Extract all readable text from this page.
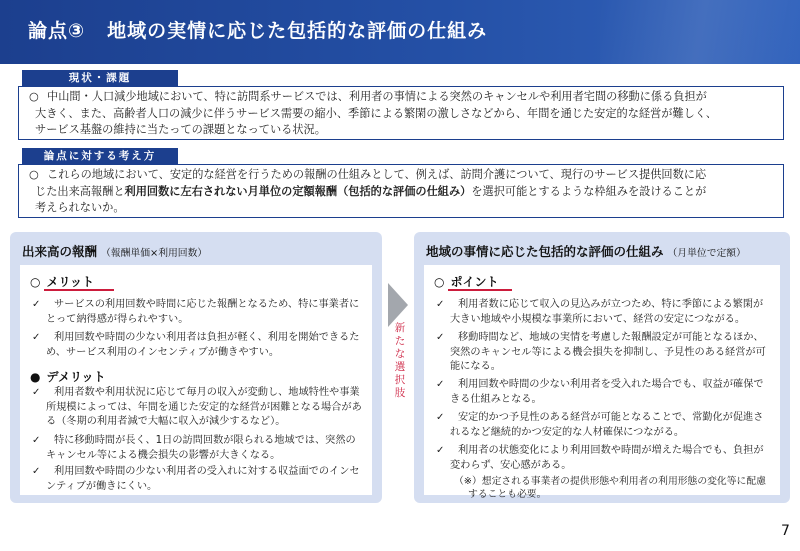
論点③ 地域の実情に応じた包括的な評価の仕組み
現状・課題
○ 中山間・人口減少地域において、特に訪問系サービスでは、利用者の事情による突然のキャンセルや利用者宅間の移動に係る負担が
大きく、また、高齢者人口の減少に伴うサービス需要の縮小、季節による繁閑の激しさなどから、年間を通じた安定的な経営が難しく、
サービス基盤の維持に当たっての課題となっている状況。
論点に対する考え方
○ これらの地域において、安定的な経営を行うための報酬の仕組みとして、例えば、訪問介護について、現行のサービス提供回数に応
じた出来高報酬と利用回数に左右されない月単位の定額報酬（包括的な評価の仕組み）を選択可能とするような枠組みを設けることが
考えられないか。
出来高の報酬 （報酬単価×利用回数）
○ メリット
✓ サービスの利用回数や時間に応じた報酬となるため、特に事業者に
とって納得感が得られやすい。
✓ 利用回数や時間の少ない利用者は負担が軽く、利用を開始できるた
め、サービス利用のインセンティブが働きやすい。
● デメリット
✓ 利用者数や利用状況に応じて毎月の収入が変動し、地域特性や事業
所規模によっては、年間を通じた安定的な経営が困難となる場合があ
る（冬期の利用者減で大幅に収入が減少するなど）。
✓ 特に移動時間が長く、1日の訪問回数が限られる地域では、突然の
キャンセル等による機会損失の影響が大きくなる。
✓ 利用回数や時間の少ない利用者の受入れに対する収益面でのインセ
ンティブが働きにくい。
新たな選択肢
地域の事情に応じた包括的な評価の仕組み （月単位で定額）
○ ポイント
✓ 利用者数に応じて収入の見込みが立つため、特に季節による繁閑が
大きい地域や小規模な事業所において、経営の安定につながる。
✓ 移動時間など、地域の実情を考慮した報酬設定が可能となるほか、
突然のキャンセル等による機会損失を抑制し、予見性のある経営が可
能になる。
✓ 利用回数や時間の少ない利用者を受入れた場合でも、収益が確保で
きる仕組みとなる。
✓ 安定的かつ予見性のある経営が可能となることで、常勤化が促進さ
れるなど継続的かつ安定的な人材確保につながる。
✓ 利用者の状態変化により利用回数や時間が増えた場合でも、負担が
変わらず、安心感がある。
（※）想定される事業者の提供形態や利用者の利用形態の変化等に配慮
することも必要。
7
